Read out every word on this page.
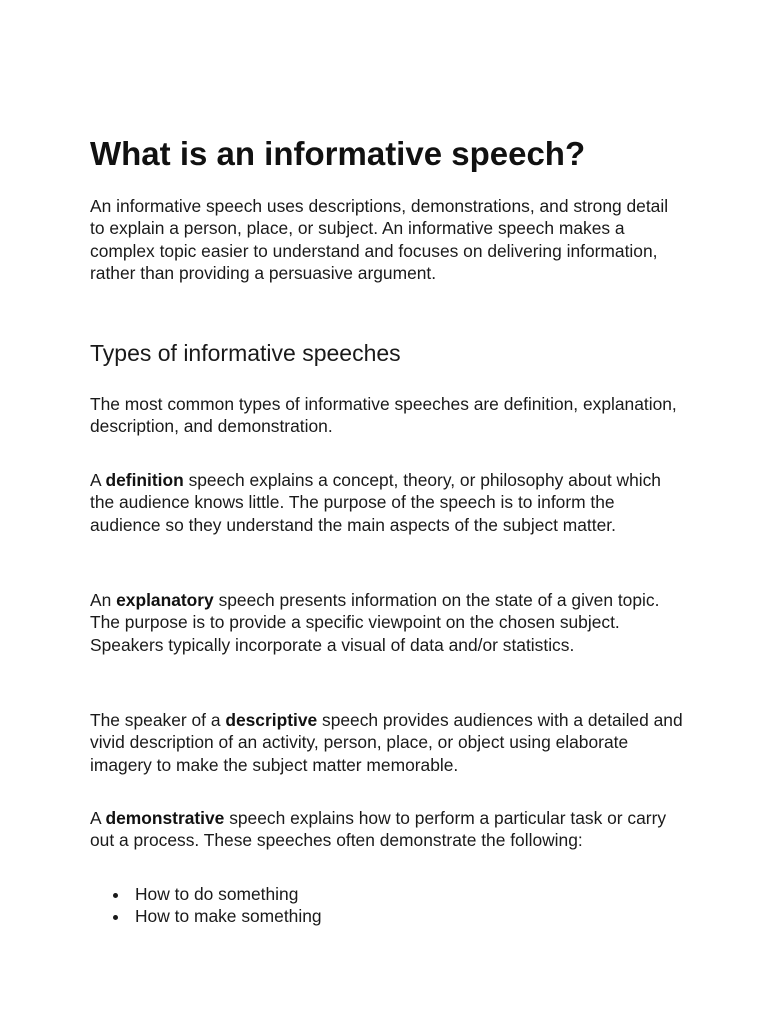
What is an informative speech?

An informative speech uses descriptions, demonstrations, and strong detail to explain a person, place, or subject. An informative speech makes a complex topic easier to understand and focuses on delivering information, rather than providing a persuasive argument.

Types of informative speeches

The most common types of informative speeches are definition, explanation, description, and demonstration.

A definition speech explains a concept, theory, or philosophy about which the audience knows little. The purpose of the speech is to inform the audience so they understand the main aspects of the subject matter.

An explanatory speech presents information on the state of a given topic. The purpose is to provide a specific viewpoint on the chosen subject. Speakers typically incorporate a visual of data and/or statistics.

The speaker of a descriptive speech provides audiences with a detailed and vivid description of an activity, person, place, or object using elaborate imagery to make the subject matter memorable.

A demonstrative speech explains how to perform a particular task or carry out a process. These speeches often demonstrate the following:

How to do something
How to make something
